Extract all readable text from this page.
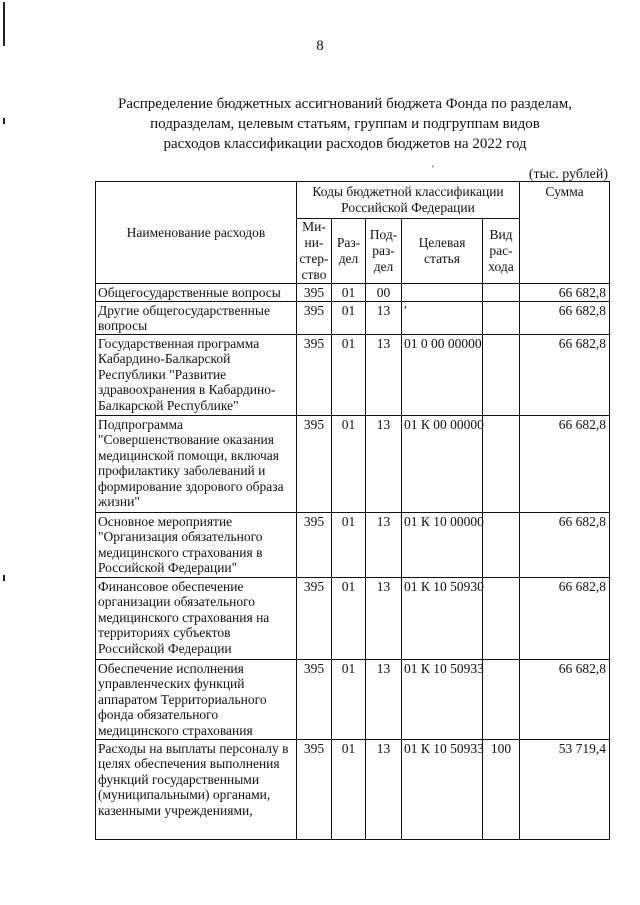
8
Распределение бюджетных ассигнований бюджета Фонда по разделам,
подразделам, целевым статьям, группам и подгруппам видов
расходов классификации расходов бюджетов на 2022 год
'	(тыс. рублей)
Наименование расходов	Коды бюджетной классификации Российской Федерации					Сумма
	Ми-
ни-
стер-
ство	Раз-
дел	Под-
раз-
дел	Целевая
статья	Вид
рас-
хода	
Общегосударственные вопросы	395	01	00			66 682,8
Другие общегосударственные вопросы	395	01	13	′		66 682,8
Государственная программа Кабардино-Балкарской Республики "Развитие здравоохранения в Кабардино-Балкарской Республике"	395	01	13	01 0 00 00000		66 682,8
Подпрограмма "Совершенствование оказания медицинской помощи, включая профилактику заболеваний и формирование здорового образа жизни"	395	01	13	01 К 00 00000		66 682,8
Основное мероприятие "Организация обязательного медицинского страхования в Российской Федерации"	395	01	13	01 К 10 00000		66 682,8
Финансовое обеспечение организации обязательного медицинского страхования на территориях субъектов Российской Федерации	395	01	13	01 К 10 50930		66 682,8
Обеспечение исполнения управленческих функций аппаратом Территориального фонда обязательного медицинского страхования	395	01	13	01 К 10 50933		66 682,8
Расходы на выплаты персоналу в целях обеспечения выполнения функций государственными (муниципальными) органами, казенными учреждениями,	395	01	13	01 К 10 50933	100	53 719,4
